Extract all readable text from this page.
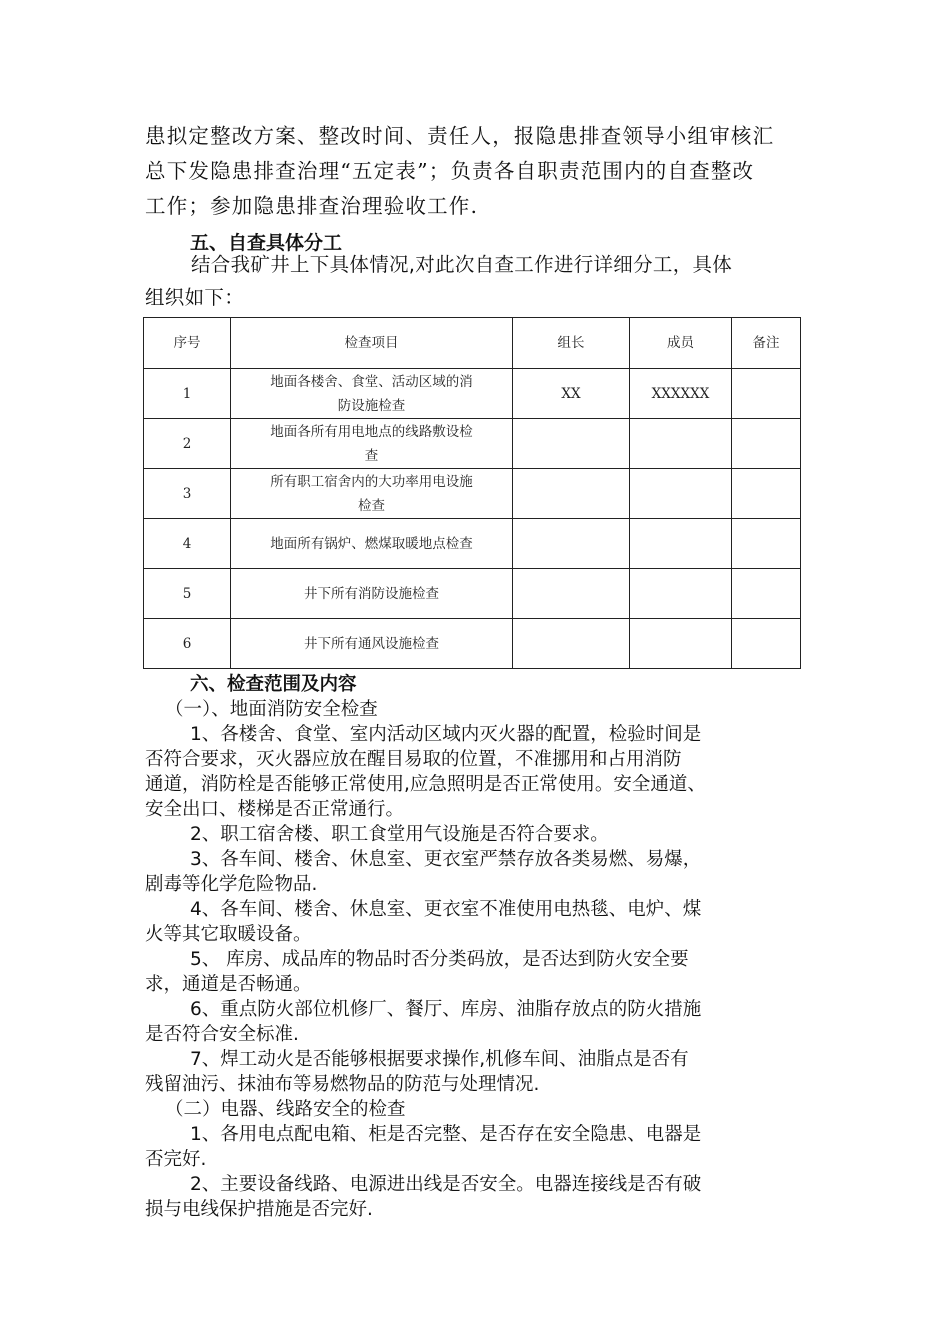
患拟定整改方案、整改时间、责任人，报隐患排查领导小组审核汇
总下发隐患排查治理“五定表”；负责各自职责范围内的自查整改
工作；参加隐患排查治理验收工作.
五、自查具体分工
结合我矿井上下具体情况,对此次自查工作进行详细分工，具体
组织如下：
序号	检查项目	组长	成员	备注
1	地面各楼舍、食堂、活动区域的消
防设施检查	XX	XXXXXX	
2	地面各所有用电地点的线路敷设检
查			
3	所有职工宿舍内的大功率用电设施
检查			
4	地面所有锅炉、燃煤取暖地点检查			
5	井下所有消防设施检查			
6	井下所有通风设施检查			
六、检查范围及内容
（一）、地面消防安全检查
1、各楼舍、食堂、室内活动区域内灭火器的配置，检验时间是
否符合要求，灭火器应放在醒目易取的位置，不准挪用和占用消防
通道，消防栓是否能够正常使用,应急照明是否正常使用。安全通道、
安全出口、楼梯是否正常通行。
2、职工宿舍楼、职工食堂用气设施是否符合要求。
3、各车间、楼舍、休息室、更衣室严禁存放各类易燃、易爆，
剧毒等化学危险物品.
4、各车间、楼舍、休息室、更衣室不准使用电热毯、电炉、煤
火等其它取暖设备。
5、 库房、成品库的物品时否分类码放，是否达到防火安全要
求，通道是否畅通。
6、重点防火部位机修厂、餐厅、库房、油脂存放点的防火措施
是否符合安全标准.
7、焊工动火是否能够根据要求操作,机修车间、油脂点是否有
残留油污、抹油布等易燃物品的防范与处理情况.
（二）电器、线路安全的检查
1、各用电点配电箱、柜是否完整、是否存在安全隐患、电器是
否完好.
2、主要设备线路、电源进出线是否安全。电器连接线是否有破
损与电线保护措施是否完好.
